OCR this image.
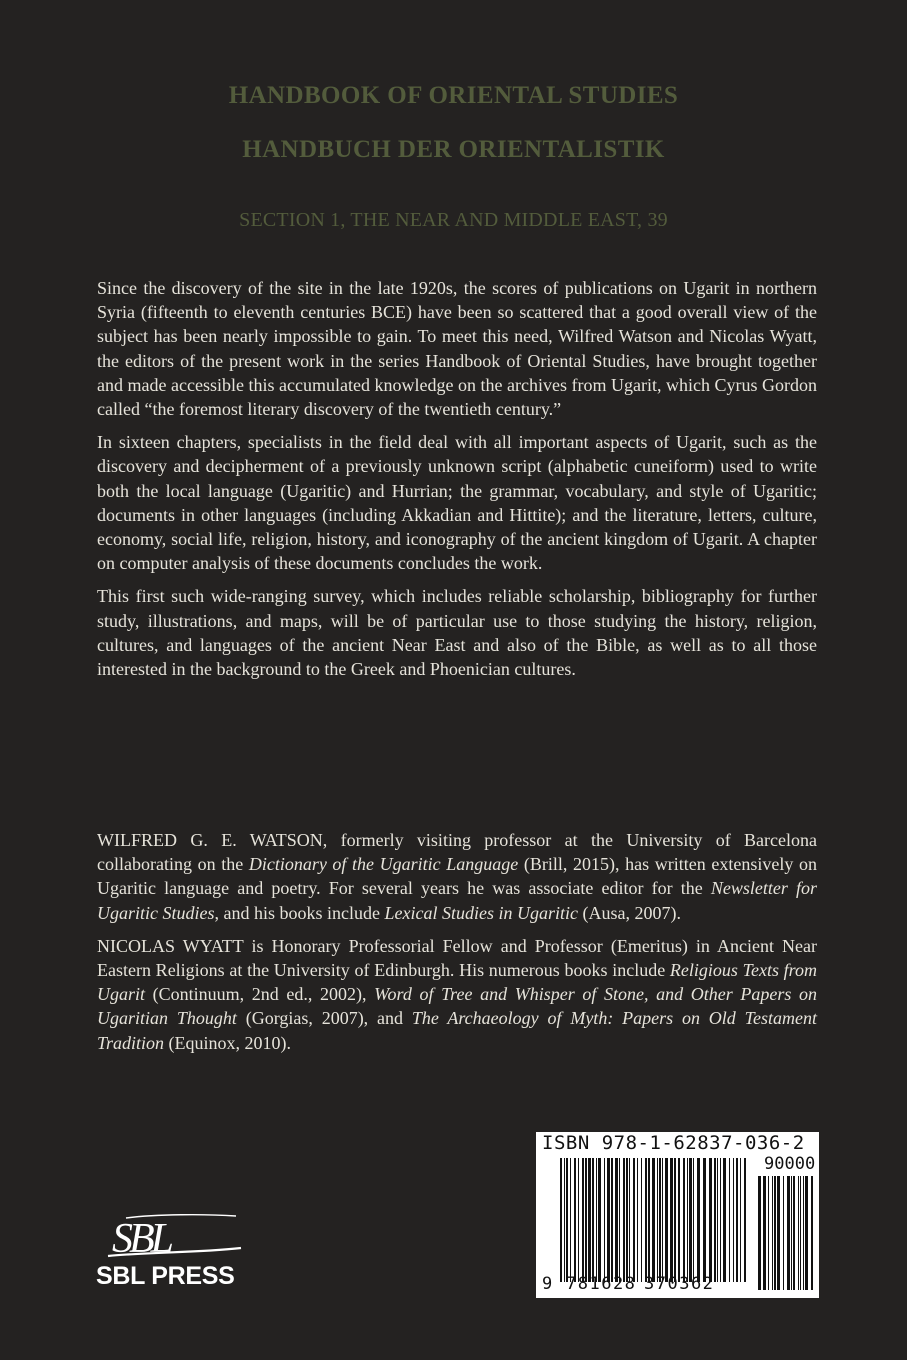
HANDBOOK OF ORIENTAL STUDIES
HANDBUCH DER ORIENTALISTIK
SECTION 1, THE NEAR AND MIDDLE EAST, 39

Since the discovery of the site in the late 1920s, the scores of publications on Ugarit in northern Syria (fifteenth to eleventh centuries BCE) have been so scattered that a good overall view of the subject has been nearly impossible to gain. To meet this need, Wilfred Watson and Nicolas Wyatt, the editors of the present work in the series Handbook of Oriental Studies, have brought together and made accessible this accumulated knowledge on the archives from Ugarit, which Cyrus Gordon called “the foremost literary discovery of the twentieth century.”

In sixteen chapters, specialists in the field deal with all important aspects of Ugarit, such as the discovery and decipherment of a previously unknown script (alphabetic cuneiform) used to write both the local language (Ugaritic) and Hurrian; the grammar, vocabulary, and style of Ugaritic; documents in other languages (including Akkadian and Hittite); and the literature, letters, culture, economy, social life, religion, history, and iconography of the ancient kingdom of Ugarit. A chapter on computer analysis of these documents concludes the work.

This first such wide-ranging survey, which includes reliable scholarship, bibliography for further study, illustrations, and maps, will be of particular use to those studying the history, religion, cultures, and languages of the ancient Near East and also of the Bible, as well as to all those interested in the background to the Greek and Phoenician cultures.

WILFRED G. E. WATSON, formerly visiting professor at the University of Barcelona collaborating on the Dictionary of the Ugaritic Language (Brill, 2015), has written extensively on Ugaritic language and poetry. For several years he was associate editor for the Newsletter for Ugaritic Studies, and his books include Lexical Studies in Ugaritic (Ausa, 2007).

NICOLAS WYATT is Honorary Professorial Fellow and Professor (Emeritus) in Ancient Near Eastern Religions at the University of Edinburgh. His numerous books include Religious Texts from Ugarit (Continuum, 2nd ed., 2002), Word of Tree and Whisper of Stone, and Other Papers on Ugaritian Thought (Gorgias, 2007), and The Archaeology of Myth: Papers on Old Testament Tradition (Equinox, 2010).

SBL
SBL PRESS
ISBN 978-1-62837-036-2
90000
9 781628 370362
